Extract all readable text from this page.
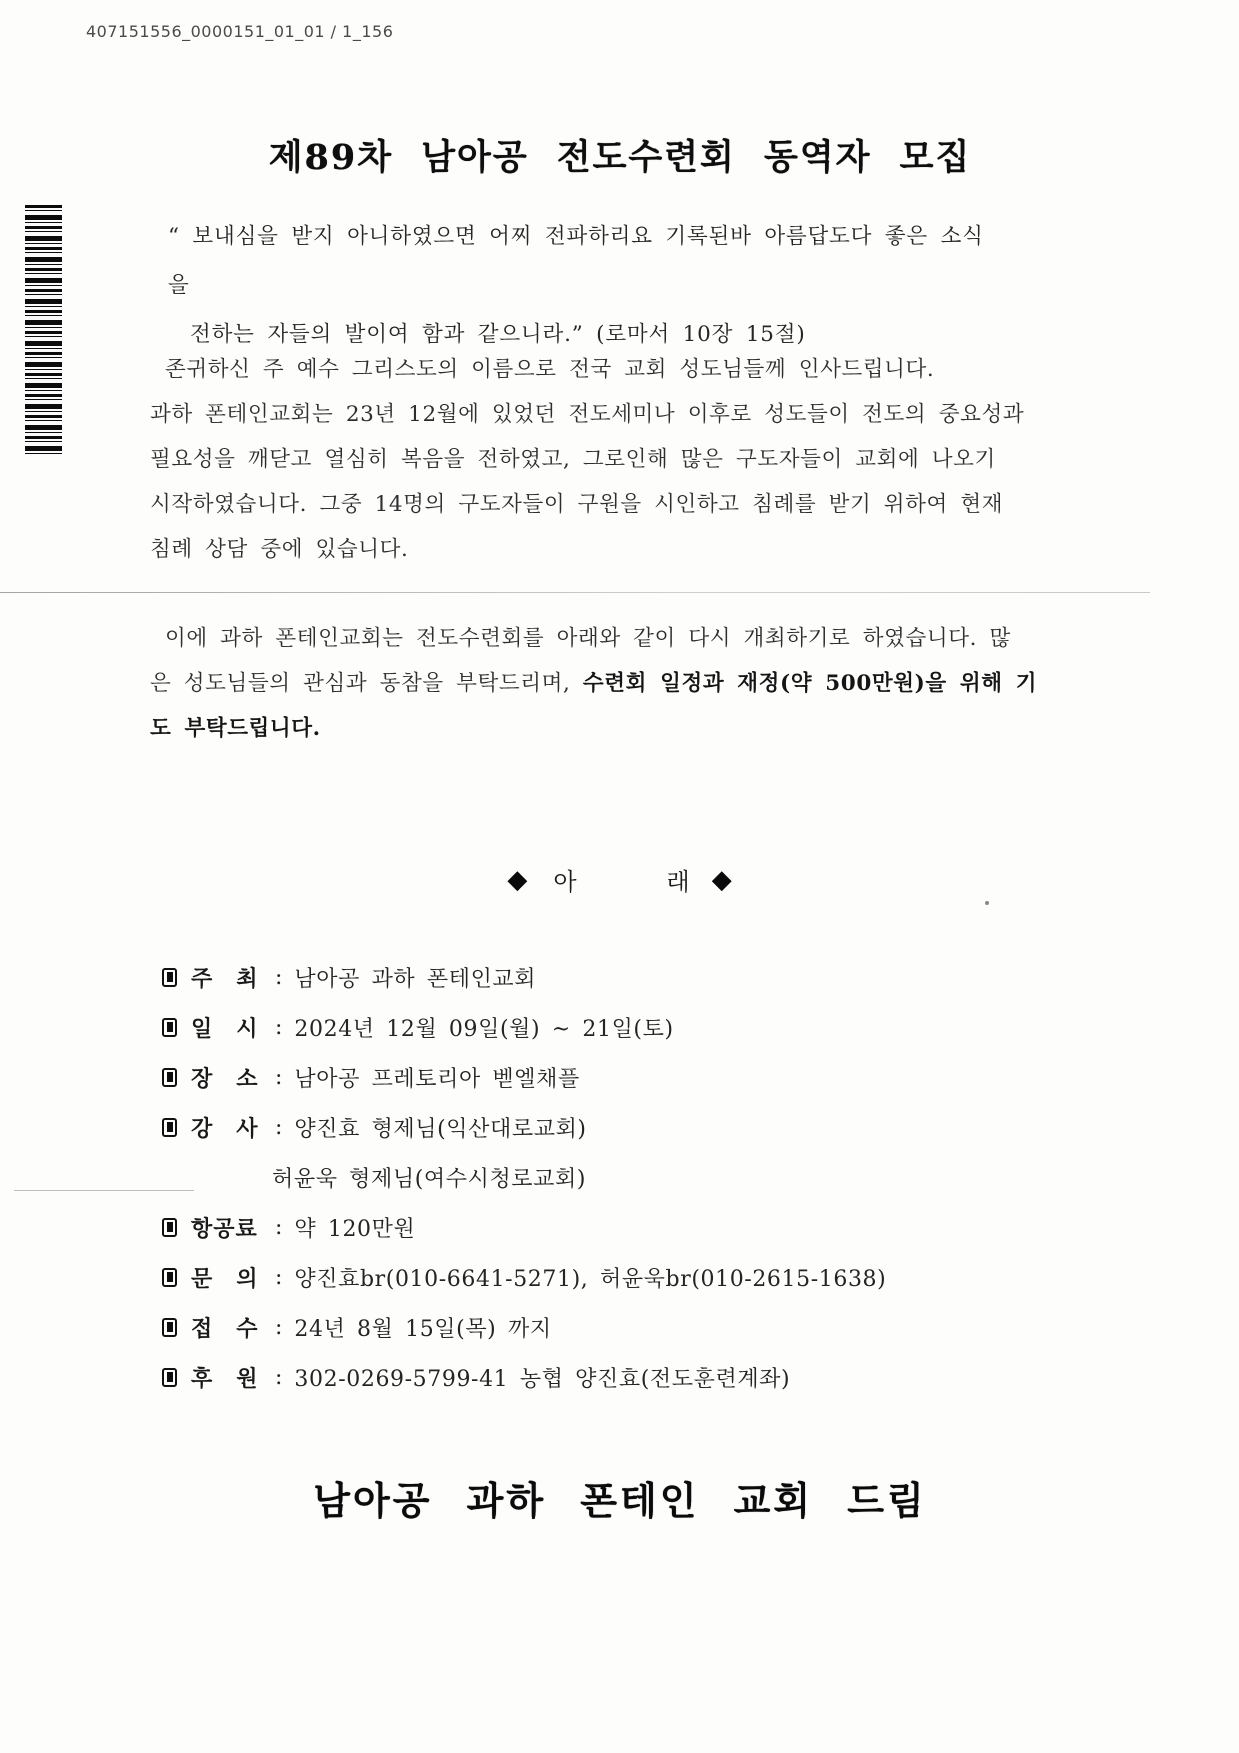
407151556_0000151_01_01 / 1_156
제89차 남아공 전도수련회 동역자 모집
“ 보내심을 받지 아니하였으면 어찌 전파하리요 기록된바 아름답도다 좋은 소식을
전하는 자들의 발이여 함과 같으니라.” (로마서 10장 15절)
존귀하신 주 예수 그리스도의 이름으로 전국 교회 성도님들께 인사드립니다.
과하 폰테인교회는 23년 12월에 있었던 전도세미나 이후로 성도들이 전도의 중요성과
필요성을 깨닫고 열심히 복음을 전하였고, 그로인해 많은 구도자들이 교회에 나오기
시작하였습니다. 그중 14명의 구도자들이 구원을 시인하고 침례를 받기 위하여 현재
침례 상담 중에 있습니다.
이에 과하 폰테인교회는 전도수련회를 아래와 같이 다시 개최하기로 하였습니다. 많
은 성도님들의 관심과 동참을 부탁드리며, 수련회 일정과 재정(약 500만원)을 위해 기
도 부탁드립니다.
◆ 아	래 ◆
주　최 : 남아공 과하 폰테인교회
일　시 : 2024년 12월 09일(월) ~ 21일(토)
장　소 : 남아공 프레토리아 벧엘채플
강　사 : 양진효 형제님(익산대로교회)
허윤욱 형제님(여수시청로교회)
항공료 : 약 120만원
문　의 : 양진효br(010-6641-5271), 허윤욱br(010-2615-1638)
접　수 : 24년 8월 15일(목) 까지
후　원 : 302-0269-5799-41 농협 양진효(전도훈련계좌)
남아공 과하 폰테인 교회 드림
